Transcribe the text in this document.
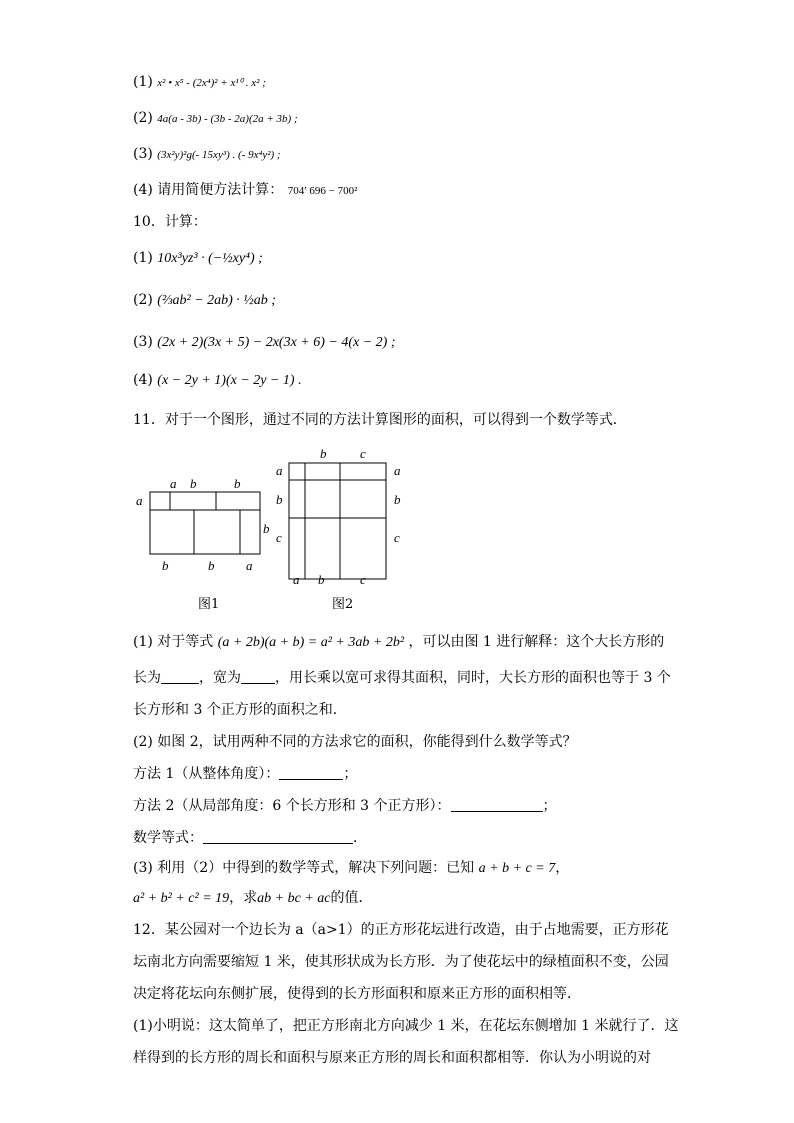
(1) x² • x⁵ - (2x⁴)² + x¹⁰ . x² ;
(2) 4a(a - 3b) - (3b - 2a)(2a + 3b) ;
(3) (3x²y)²g(- 15xy³) . (- 9x⁴y²) ;
(4) 请用简便方法计算： 704′ 696 − 700²
10．计算：
(1) 10x³yz³ · (−½xy⁴) ;
(2) (⅔ab² − 2ab) · ½ab ;
(3) (2x + 2)(3x + 5) − 2x(3x + 6) − 4(x − 2) ;
(4) (x − 2y + 1)(x − 2y − 1) .
11．对于一个图形，通过不同的方法计算图形的面积，可以得到一个数学等式．
a b	b
a
b
b	b a
图1
b	c
a
b
c
a
b
c
a b	c
图2
(1) 对于等式 (a + 2b)(a + b) = a² + 3ab + 2b² ，可以由图 1 进行解释：这个大长方形的
长为	，宽为 ，用长乘以宽可求得其面积，同时，大长方形的面积也等于 3 个
长方形和 3 个正方形的面积之和．
(2) 如图 2，试用两种不同的方法求它的面积，你能得到什么数学等式？
方法 1（从整体角度）：	；
方法 2（从局部角度：6 个长方形和 3 个正方形）：	；
数学等式：	．
(3) 利用（2）中得到的数学等式，解决下列问题：已知 a + b + c = 7，
a² + b² + c² = 19，求ab + bc + ac的值．
12．某公园对一个边长为 a（a>1）的正方形花坛进行改造，由于占地需要，正方形花
坛南北方向需要缩短 1 米，使其形状成为长方形．为了使花坛中的绿植面积不变，公园
决定将花坛向东侧扩展，使得到的长方形面积和原来正方形的面积相等．
(1)小明说：这太简单了，把正方形南北方向减少 1 米，在花坛东侧增加 1 米就行了．这
样得到的长方形的周长和面积与原来正方形的周长和面积都相等．你认为小明说的对
